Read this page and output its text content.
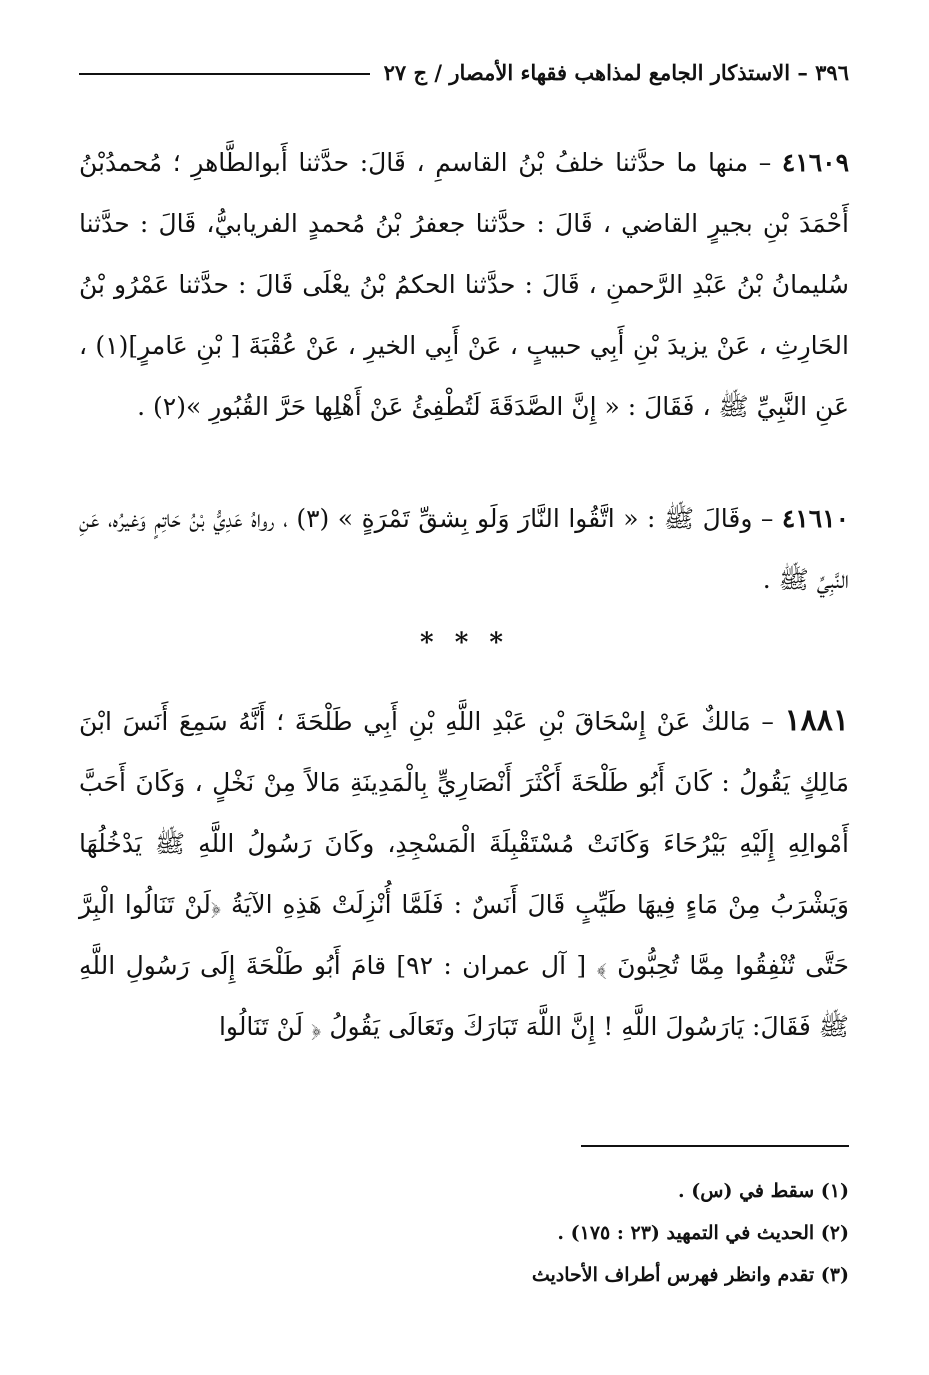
٣٩٦ – الاستذكار الجامع لمذاهب فقهاء الأمصار / ج ٢٧

٤١٦٠٩ – منها ما حدَّثنا خلفُ بْنُ القاسمِ ، قَالَ: حدَّثنا أَبوالطَّاهرِ ؛ مُحمدُبْنُ أَحْمَدَ بْنِ بجيرٍ القاضي ، قَالَ : حدَّثنا جعفرُ بْنُ مُحمدٍ الفريابيُّ، قَالَ : حدَّثنا سُليمانُ بْنُ عَبْدِ الرَّحمنِ ، قَالَ : حدَّثنا الحكمُ بْنُ يعْلَى قَالَ : حدَّثنا عَمْرُو بْنُ الحَارِثِ ، عَنْ يزيدَ بْنِ أَبِي حبيبٍ ، عَنْ أَبِي الخيرِ ، عَنْ عُقْبَةَ [ بْنِ عَامرٍ](١) ، عَنِ النَّبِيِّ ﷺ ، فَقَالَ : « إِنَّ الصَّدَقَةَ لَتُطْفِئُ عَنْ أَهْلِها حَرَّ القُبُورِ »(٢) .

٤١٦١٠ – وقَالَ ﷺ : « اتَّقُوا النَّارَ وَلَو بِشقِّ تَمْرَةٍ » (٣) ، رواهُ عَدِيُّ بْنُ حَاتِمٍ وَغيرُه، عَنِ النَّبِيِّ ﷺ .

* * *

١٨٨١ – مَالكٌ عَنْ إِسْحَاقَ بْنِ عَبْدِ اللَّهِ بْنِ أَبِي طَلْحَةَ ؛ أَنَّهُ سَمِعَ أَنَسَ ابْنَ مَالِكٍ يَقُولُ : كَانَ أَبُو طَلْحَةَ أَكْثَرَ أَنْصَارِيٍّ بِالْمَدِينَةِ مَالاً مِنْ نَخْلٍ ، وَكَانَ أَحَبَّ أَمْوالِهِ إِلَيْهِ بَيْرُحَاءَ وَكَانَتْ مُسْتَقْبِلَةَ الْمَسْجِدِ، وكَانَ رَسُولُ اللَّهِ ﷺ يَدْخُلُهَا وَيَشْرَبُ مِنْ مَاءٍ فِيهَا طَيِّبٍ قَالَ أَنَسٌ : فَلَمَّا أُنْزِلَتْ هَذِهِ الآيَةُ ﴿لَنْ تَنَالُوا الْبِرَّ حَتَّى تُنْفِقُوا مِمَّا تُحِبُّونَ ﴾ [ آل عمران : ٩٢] قامَ أَبُو طَلْحَةَ إِلَى رَسُولِ اللَّهِ ﷺ فَقَالَ: يَارَسُولَ اللَّهِ ! إِنَّ اللَّهَ تَبَارَكَ وتَعَالَى يَقُولُ ﴿ لَنْ تَنَالُوا

(١) سقط في (س) .

(٢) الحديث في التمهيد (٢٣ : ١٧٥) .

(٣) تقدم وانظر فهرس أطراف الأحاديث
